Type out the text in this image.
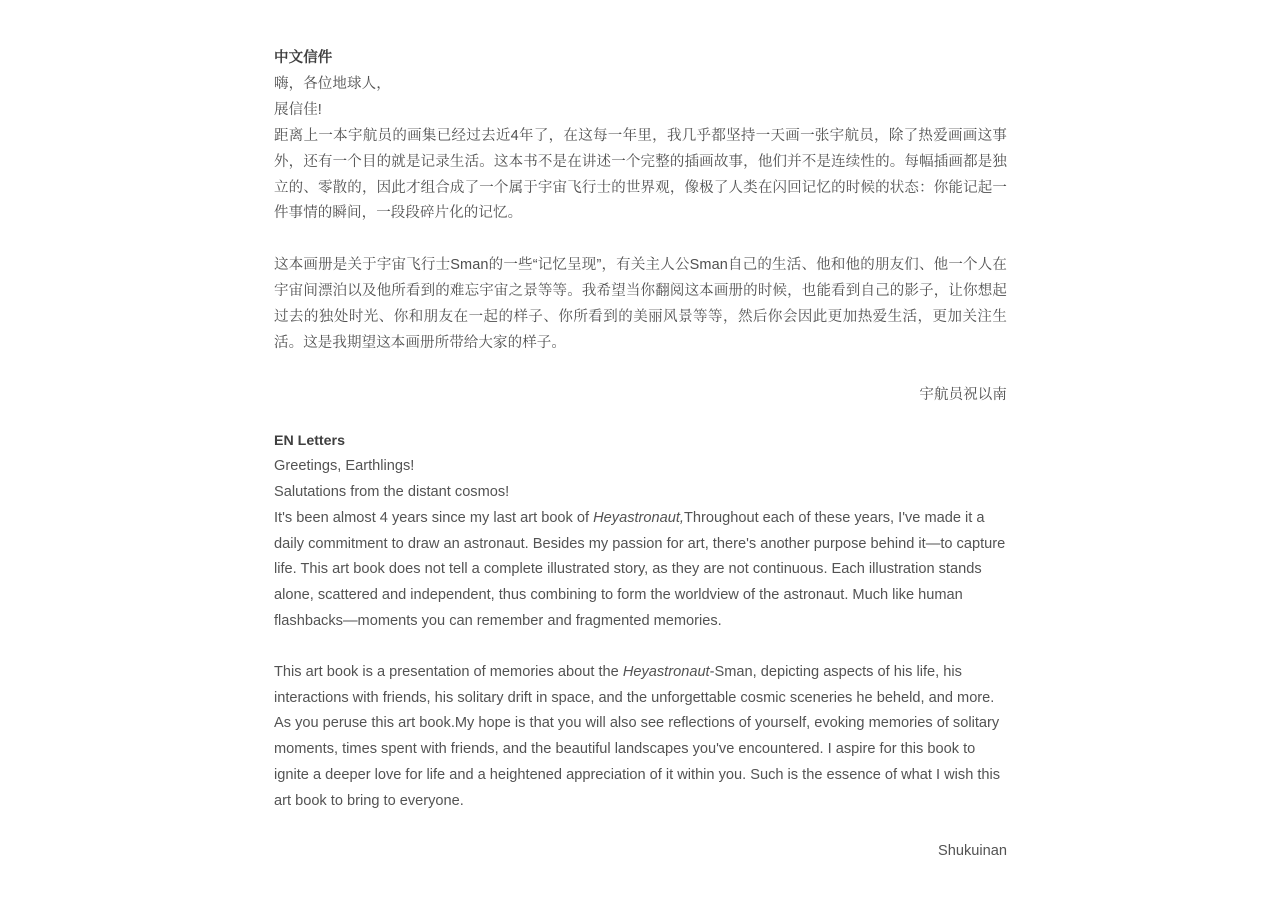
中文信件

嗨，各位地球人，

展信佳!

距离上一本宇航员的画集已经过去近4年了，在这每一年里，我几乎都坚持一天画一张宇航员，除了热爱画画这事外，还有一个目的就是记录生活。这本书不是在讲述一个完整的插画故事，他们并不是连续性的。每幅插画都是独立的、零散的，因此才组合成了一个属于宇宙飞行士的世界观，像极了人类在闪回记忆的时候的状态：你能记起一件事情的瞬间，一段段碎片化的记忆。

这本画册是关于宇宙飞行士Sman的一些“记忆呈现”，有关主人公Sman自己的生活、他和他的朋友们、他一个人在宇宙间漂泊以及他所看到的难忘宇宙之景等等。我希望当你翻阅这本画册的时候，也能看到自己的影子，让你想起过去的独处时光、你和朋友在一起的样子、你所看到的美丽风景等等，然后你会因此更加热爱生活，更加关注生活。这是我期望这本画册所带给大家的样子。

宇航员祝以南

EN Letters

Greetings, Earthlings!

Salutations from the distant cosmos!

It's been almost 4 years since my last art book of Heyastronaut,Throughout each of these years, I've made it a daily commitment to draw an astronaut. Besides my passion for art, there's another purpose behind it—to capture life. This art book does not tell a complete illustrated story, as they are not continuous. Each illustration stands alone, scattered and independent, thus combining to form the worldview of the astronaut. Much like human flashbacks—moments you can remember and fragmented memories.

This art book is a presentation of memories about the Heyastronaut-Sman, depicting aspects of his life, his interactions with friends, his solitary drift in space, and the unforgettable cosmic sceneries he beheld, and more. As you peruse this art book.My hope is that you will also see reflections of yourself, evoking memories of solitary moments, times spent with friends, and the beautiful landscapes you've encountered. I aspire for this book to ignite a deeper love for life and a heightened appreciation of it within you. Such is the essence of what I wish this art book to bring to everyone.

Shukuinan
